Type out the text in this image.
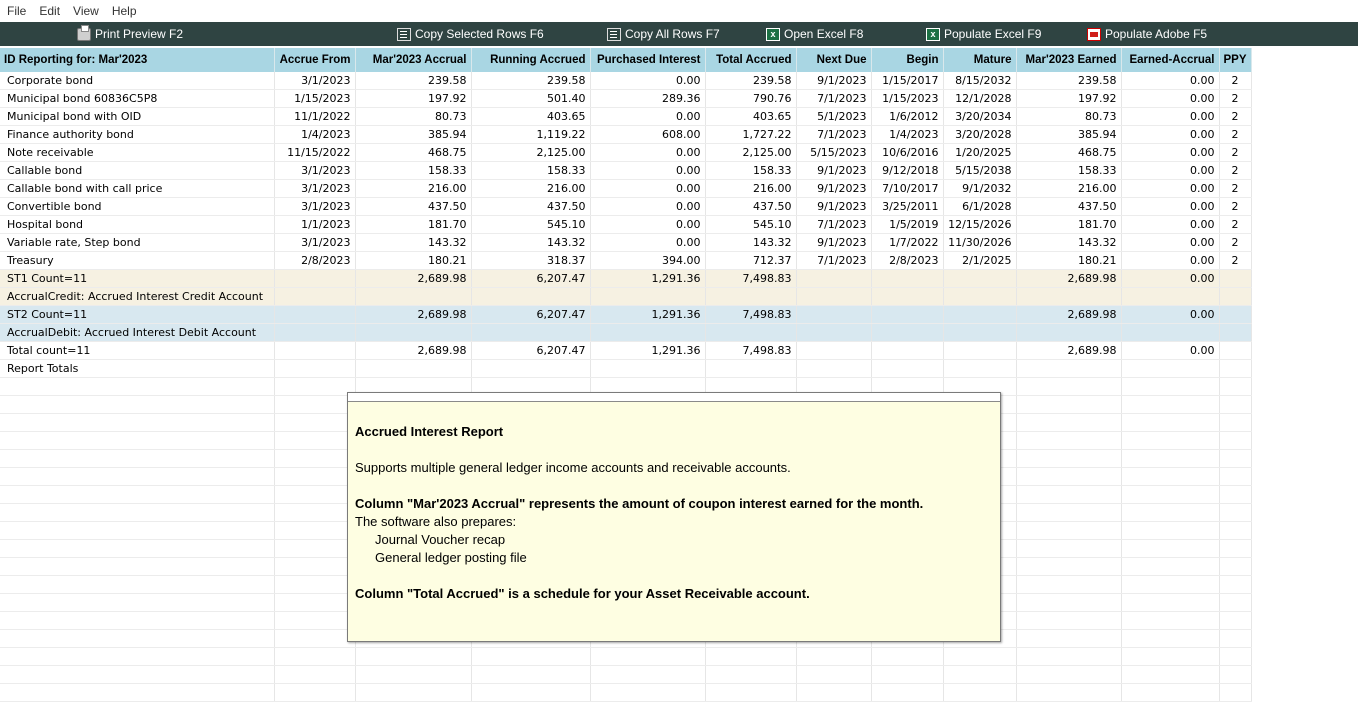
File Edit View Help
Print Preview F2	Copy Selected Rows F6	Copy All Rows F7	x Open Excel F8	x Populate Excel F9	Populate Adobe F5
ID Reporting for: Mar'2023	Accrue From	Mar'2023 Accrual	Running Accrued	Purchased Interest	Total Accrued	Next Due	Begin	Mature	Mar'2023 Earned	Earned-Accrual	PPY
Corporate bond	3/1/2023	239.58	239.58	0.00	239.58	9/1/2023	1/15/2017	8/15/2032	239.58	0.00	2
Municipal bond 60836C5P8	1/15/2023	197.92	501.40	289.36	790.76	7/1/2023	1/15/2023	12/1/2028	197.92	0.00	2
Municipal bond with OID	11/1/2022	80.73	403.65	0.00	403.65	5/1/2023	1/6/2012	3/20/2034	80.73	0.00	2
Finance authority bond	1/4/2023	385.94	1,119.22	608.00	1,727.22	7/1/2023	1/4/2023	3/20/2028	385.94	0.00	2
Note receivable	11/15/2022	468.75	2,125.00	0.00	2,125.00	5/15/2023	10/6/2016	1/20/2025	468.75	0.00	2
Callable bond	3/1/2023	158.33	158.33	0.00	158.33	9/1/2023	9/12/2018	5/15/2038	158.33	0.00	2
Callable bond with call price	3/1/2023	216.00	216.00	0.00	216.00	9/1/2023	7/10/2017	9/1/2032	216.00	0.00	2
Convertible bond	3/1/2023	437.50	437.50	0.00	437.50	9/1/2023	3/25/2011	6/1/2028	437.50	0.00	2
Hospital bond	1/1/2023	181.70	545.10	0.00	545.10	7/1/2023	1/5/2019	12/15/2026	181.70	0.00	2
Variable rate, Step bond	3/1/2023	143.32	143.32	0.00	143.32	9/1/2023	1/7/2022	11/30/2026	143.32	0.00	2
Treasury	2/8/2023	180.21	318.37	394.00	712.37	7/1/2023	2/8/2023	2/1/2025	180.21	0.00	2
ST1 Count=11		2,689.98	6,207.47	1,291.36	7,498.83				2,689.98	0.00	
AccrualCredit: Accrued Interest Credit Account											
ST2 Count=11		2,689.98	6,207.47	1,291.36	7,498.83				2,689.98	0.00	
AccrualDebit: Accrued Interest Debit Account											
Total count=11		2,689.98	6,207.47	1,291.36	7,498.83				2,689.98	0.00	
Report Totals											

Accrued Interest Report
Supports multiple general ledger income accounts and receivable accounts.
Column "Mar'2023 Accrual" represents the amount of coupon interest earned for the month.
The software also prepares:
Journal Voucher recap
General ledger posting file
Column "Total Accrued" is a schedule for your Asset Receivable account.
